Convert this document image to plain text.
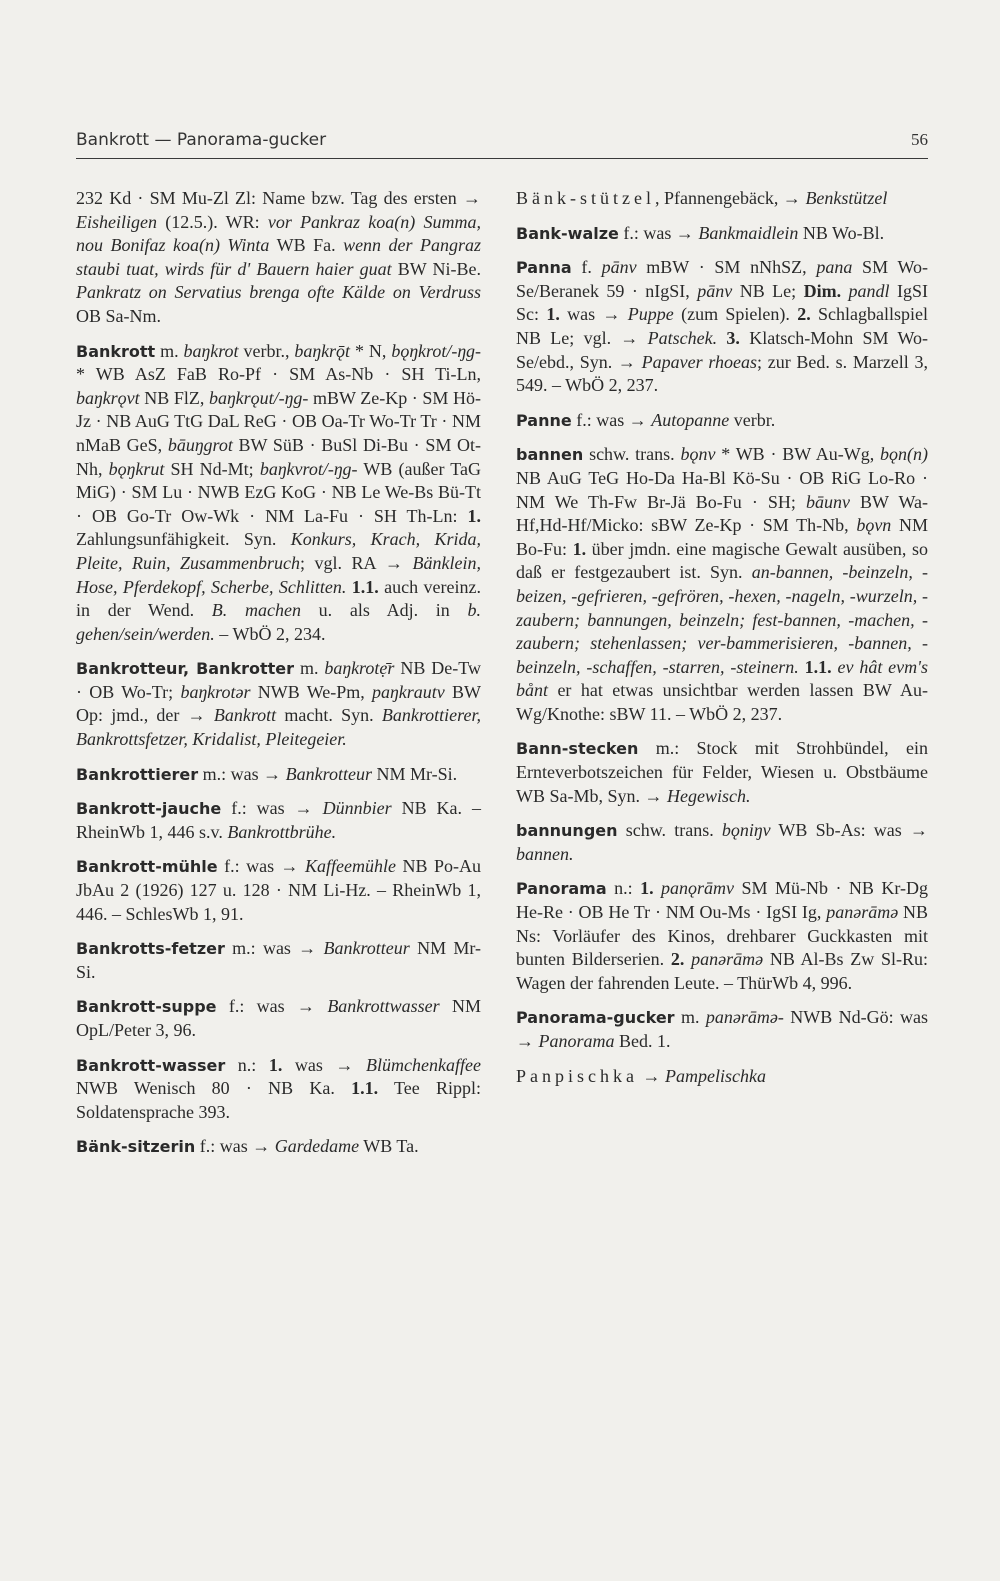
Bankrott — Panorama-gucker	56

232 Kd · SM Mu-Zl Zl: Name bzw. Tag des ersten → Eisheiligen (12.5.). WR: vor Pankraz koa(n) Summa, nou Bonifaz koa(n) Winta WB Fa. wenn der Pangraz staubi tuat, wirds für d' Bauern haier guat BW Ni-Be. Pankratz on Servatius brenga ofte Kälde on Verdruss OB Sa-Nm.

Bankrott m. baŋkrot verbr., baŋkrǭt * N, bǫŋkrot/-ŋg- * WB AsZ FaB Ro-Pf · SM As-Nb · SH Ti-Ln, baŋkrǫvt NB FlZ, baŋkrǫut/-ŋg- mBW Ze-Kp · SM Hö-Jz · NB AuG TtG DaL ReG · OB Oa-Tr Wo-Tr Tr · NM nMaB GeS, bāuŋgrot BW SüB · BuSl Di-Bu · SM Ot-Nh, bǫŋkrut SH Nd-Mt; baŋkvrot/-ŋg- WB (außer TaG MiG) · SM Lu · NWB EzG KoG · NB Le We-Bs Bü-Tt · OB Go-Tr Ow-Wk · NM La-Fu · SH Th-Ln: 1. Zahlungsunfähigkeit. Syn. Konkurs, Krach, Krida, Pleite, Ruin, Zusammenbruch; vgl. RA → Bänklein, Hose, Pferdekopf, Scherbe, Schlitten. 1.1. auch vereinz. in der Wend. B. machen u. als Adj. in b. gehen/sein/werden. – WbÖ 2, 234.

Bankrotteur, Bankrotter m. baŋkrotẹ̄r NB De-Tw · OB Wo-Tr; baŋkrotər NWB We-Pm, paŋkrautv BW Op: jmd., der → Bankrott macht. Syn. Bankrottierer, Bankrottsfetzer, Kridalist, Pleitegeier.

Bankrottierer m.: was → Bankrotteur NM Mr-Si.

Bankrott-jauche f.: was → Dünnbier NB Ka. – RheinWb 1, 446 s.v. Bankrottbrühe.

Bankrott-mühle f.: was → Kaffeemühle NB Po-Au JbAu 2 (1926) 127 u. 128 · NM Li-Hz. – RheinWb 1, 446. – SchlesWb 1, 91.

Bankrotts-fetzer m.: was → Bankrotteur NM Mr-Si.

Bankrott-suppe f.: was → Bankrottwasser NM OpL/Peter 3, 96.

Bankrott-wasser n.: 1. was → Blümchenkaffee NWB Wenisch 80 · NB Ka. 1.1. Tee Rippl: Soldatensprache 393.

Bänk-sitzerin f.: was → Gardedame WB Ta.

Bänk-stützel, Pfannengebäck, → Benkstützel

Bank-walze f.: was → Bankmaidlein NB Wo-Bl.

Panna f. pānv mBW · SM nNhSZ, pana SM Wo-Se/Beranek 59 · nIgSI, pānv NB Le; Dim. pandl IgSI Sc: 1. was → Puppe (zum Spielen). 2. Schlagballspiel NB Le; vgl. → Patschek. 3. Klatsch-Mohn SM Wo-Se/ebd., Syn. → Papaver rhoeas; zur Bed. s. Marzell 3, 549. – WbÖ 2, 237.

Panne f.: was → Autopanne verbr.

bannen schw. trans. bǫnv * WB · BW Au-Wg, bǫn(n) NB AuG TeG Ho-Da Ha-Bl Kö-Su · OB RiG Lo-Ro · NM We Th-Fw Br-Jä Bo-Fu · SH; bāunv BW Wa-Hf,Hd-Hf/Micko: sBW Ze-Kp · SM Th-Nb, bǫvn NM Bo-Fu: 1. über jmdn. eine magische Gewalt ausüben, so daß er festgezaubert ist. Syn. an-bannen, -beinzeln, -beizen, -gefrieren, -gefrören, -hexen, -nageln, -wurzeln, -zaubern; bannungen, beinzeln; fest-bannen, -machen, -zaubern; stehenlassen; ver-bammerisieren, -bannen, -beinzeln, -schaffen, -starren, -steinern. 1.1. ev hât evm's bånt er hat etwas unsichtbar werden lassen BW Au-Wg/Knothe: sBW 11. – WbÖ 2, 237.

Bann-stecken m.: Stock mit Strohbündel, ein Ernteverbotszeichen für Felder, Wiesen u. Obstbäume WB Sa-Mb, Syn. → Hegewisch.

bannungen schw. trans. bǫniŋv WB Sb-As: was → bannen.

Panorama n.: 1. panǫrāmv SM Mü-Nb · NB Kr-Dg He-Re · OB He Tr · NM Ou-Ms · IgSI Ig, panərāmə NB Ns: Vorläufer des Kinos, drehbarer Guckkasten mit bunten Bilderserien. 2. panərāmə NB Al-Bs Zw Sl-Ru: Wagen der fahrenden Leute. – ThürWb 4, 996.

Panorama-gucker m. panərāmə- NWB Nd-Gö: was → Panorama Bed. 1.

Panpischka → Pampelischka
